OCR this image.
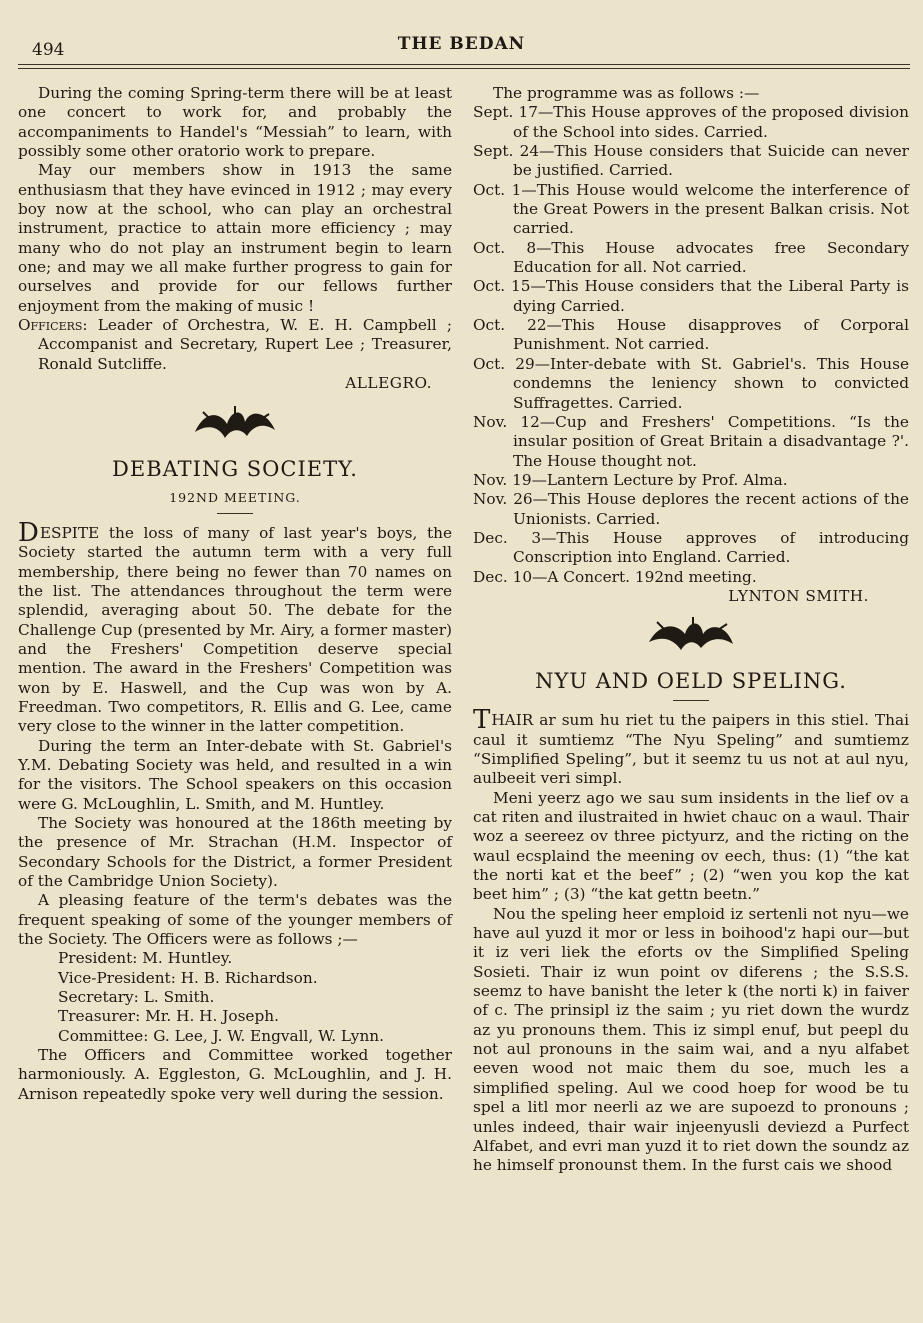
494	THE BEDAN

During the coming Spring-term there will be at least one concert to work for, and probably the accompaniments to Handel's “Messiah” to learn, with possibly some other oratorio work to prepare.

May our members show in 1913 the same enthusiasm that they have evinced in 1912 ; may every boy now at the school, who can play an orchestral instrument, practice to attain more efficiency ; may many who do not play an instrument begin to learn one; and may we all make further progress to gain for ourselves and provide for our fellows further enjoyment from the making of music !

Officers: Leader of Orchestra, W. E. H. Campbell ; Accompanist and Secretary, Rupert Lee ; Treasurer, Ronald Sutcliffe.

ALLEGRO.

DEBATING SOCIETY.
192ND MEETING.

DESPITE the loss of many of last year's boys, the Society started the autumn term with a very full membership, there being no fewer than 70 names on the list. The attendances throughout the term were splendid, averaging about 50. The debate for the Challenge Cup (presented by Mr. Airy, a former master) and the Freshers' Competition deserve special mention. The award in the Freshers' Competition was won by E. Haswell, and the Cup was won by A. Freedman. Two competitors, R. Ellis and G. Lee, came very close to the winner in the latter competition.

During the term an Inter-debate with St. Gabriel's Y.M. Debating Society was held, and resulted in a win for the visitors. The School speakers on this occasion were G. McLoughlin, L. Smith, and M. Huntley.

The Society was honoured at the 186th meeting by the presence of Mr. Strachan (H.M. Inspector of Secondary Schools for the District, a former President of the Cambridge Union Society).

A pleasing feature of the term's debates was the frequent speaking of some of the younger members of the Society. The Officers were as follows ;—

President: M. Huntley.

Vice-President: H. B. Richardson.

Secretary: L. Smith.

Treasurer: Mr. H. H. Joseph.

Committee: G. Lee, J. W. Engvall, W. Lynn.

The Officers and Committee worked together harmoniously. A. Eggleston, G. McLoughlin, and J. H. Arnison repeatedly spoke very well during the session.

The programme was as follows :—

Sept. 17—This House approves of the proposed division of the School into sides. Carried.

Sept. 24—This House considers that Suicide can never be justified. Carried.

Oct. 1—This House would welcome the interference of the Great Powers in the present Balkan crisis. Not carried.

Oct. 8—This House advocates free Secondary Education for all. Not carried.

Oct. 15—This House considers that the Liberal Party is dying Carried.

Oct. 22—This House disapproves of Corporal Punishment. Not carried.

Oct. 29—Inter-debate with St. Gabriel's. This House condemns the leniency shown to convicted Suffragettes. Carried.

Nov. 12—Cup and Freshers' Competitions. “Is the insular position of Great Britain a disadvantage ?'. The House thought not.

Nov. 19—Lantern Lecture by Prof. Alma.

Nov. 26—This House deplores the recent actions of the Unionists. Carried.

Dec. 3—This House approves of introducing Conscription into England. Carried.

Dec. 10—A Concert. 192nd meeting.

LYNTON SMITH.

NYU AND OELD SPELING.

THAIR ar sum hu riet tu the paipers in this stiel. Thai caul it sumtiemz “The Nyu Speling” and sumtiemz “Simplified Speling”, but it seemz tu us not at aul nyu, aulbeeit veri simpl.

Meni yeerz ago we sau sum insidents in the lief ov a cat riten and ilustraited in hwiet chauc on a waul. Thair woz a seereez ov three pictyurz, and the ricting on the waul ecsplaind the meening ov eech, thus: (1) “the kat the norti kat et the beef” ; (2) “wen you kop the kat beet him” ; (3) “the kat gettn beetn.”

Nou the speling heer emploid iz sertenli not nyu—we have aul yuzd it mor or less in boihood'z hapi our—but it iz veri liek the eforts ov the Simplified Speling Sosieti. Thair iz wun point ov diferens ; the S.S.S. seemz to have banisht the leter k (the norti k) in faiver of c. The prinsipl iz the saim ; yu riet down the wurdz az yu pronouns them. This iz simpl enuf, but peepl du not aul pronouns in the saim wai, and a nyu alfabet eeven wood not maic them du soe, much les a simplified speling. Aul we cood hoep for wood be tu spel a litl mor neerli az we are supoezd to pronouns ; unles indeed, thair wair injeenyusli deviezd a Purfect Alfabet, and evri man yuzd it to riet down the soundz az he himself pronounst them. In the furst cais we shood
